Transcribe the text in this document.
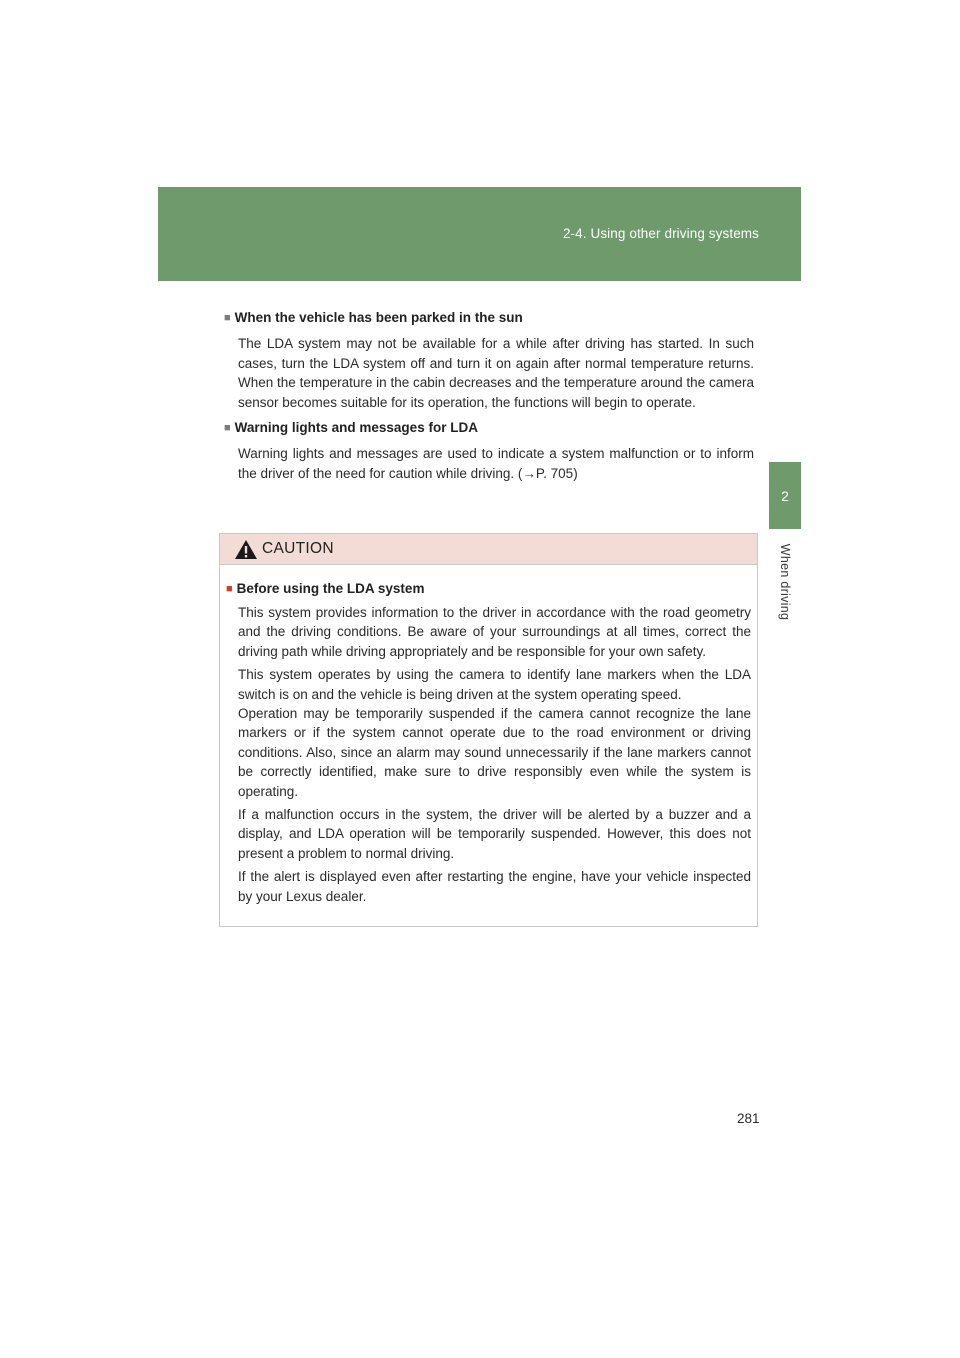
2-4. Using other driving systems
2
When driving
■ When the vehicle has been parked in the sun

The LDA system may not be available for a while after driving has started. In such cases, turn the LDA system off and turn it on again after normal temperature returns. When the temperature in the cabin decreases and the temperature around the camera sensor becomes suitable for its operation, the functions will begin to operate.

■ Warning lights and messages for LDA

Warning lights and messages are used to indicate a system malfunction or to inform the driver of the need for caution while driving. (→P. 705)

CAUTION
■ Before using the LDA system

This system provides information to the driver in accordance with the road geometry and the driving conditions. Be aware of your surroundings at all times, correct the driving path while driving appropriately and be responsible for your own safety.

This system operates by using the camera to identify lane markers when the LDA switch is on and the vehicle is being driven at the system operating speed.

Operation may be temporarily suspended if the camera cannot recognize the lane markers or if the system cannot operate due to the road environment or driving conditions. Also, since an alarm may sound unnecessarily if the lane markers cannot be correctly identified, make sure to drive responsibly even while the system is operating.

If a malfunction occurs in the system, the driver will be alerted by a buzzer and a display, and LDA operation will be temporarily suspended. However, this does not present a problem to normal driving.

If the alert is displayed even after restarting the engine, have your vehicle inspected by your Lexus dealer.

281
